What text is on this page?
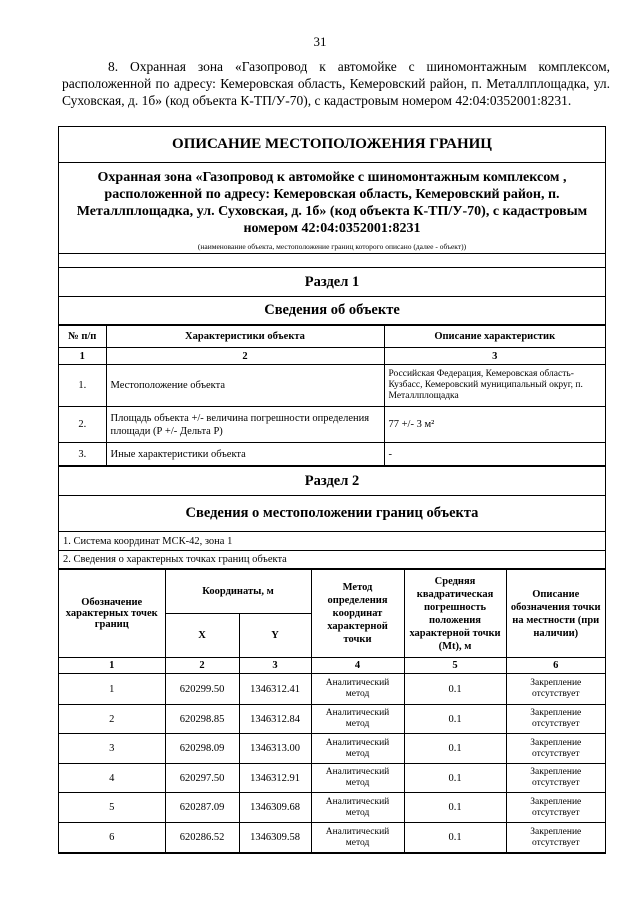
31
8. Охранная зона «Газопровод к автомойке с шиномонтажным комплексом, расположенной по адресу: Кемеровская область, Кемеровский район, п. Металлплощадка, ул. Суховская, д. 1б» (код объекта К-ТП/У-70), с кадастровым номером 42:04:0352001:8231.
ОПИСАНИЕ МЕСТОПОЛОЖЕНИЯ ГРАНИЦ
Охранная зона «Газопровод к автомойке с шиномонтажным комплексом , расположенной по адресу: Кемеровская область, Кемеровский район, п. Металлплощадка, ул. Суховская, д. 1б» (код объекта К-ТП/У-70), с кадастровым номером 42:04:0352001:8231
(наименование объекта, местоположение границ которого описано (далее - объект))

Раздел 1
Сведения об объекте
№ п/п	Характеристики объекта	Описание характеристик
1	2	3
1.	Местоположение объекта	Российская Федерация, Кемеровская область-Кузбасс, Кемеровский муниципальный округ, п. Металлплощадка
2.	Площадь объекта +/- величина погрешности определения площади (Р +/- Дельта Р)	77 +/- 3 м²
3.	Иные характеристики объекта	-
Раздел 2
Сведения о местоположении границ объекта
1. Система координат МСК-42, зона 1
2. Сведения о характерных точках границ объекта
Обозначение характерных точек границ	Координаты, м		Метод определения координат характерной точки	Средняя квадратическая погрешность положения характерной точки (Mt), м	Описание обозначения точки на местности (при наличии)
	X	Y			
1	2	3	4	5	6
1	620299.50	1346312.41	Аналитический метод	0.1	Закрепление отсутствует
2	620298.85	1346312.84	Аналитический метод	0.1	Закрепление отсутствует
3	620298.09	1346313.00	Аналитический метод	0.1	Закрепление отсутствует
4	620297.50	1346312.91	Аналитический метод	0.1	Закрепление отсутствует
5	620287.09	1346309.68	Аналитический метод	0.1	Закрепление отсутствует
6	620286.52	1346309.58	Аналитический метод	0.1	Закрепление отсутствует
